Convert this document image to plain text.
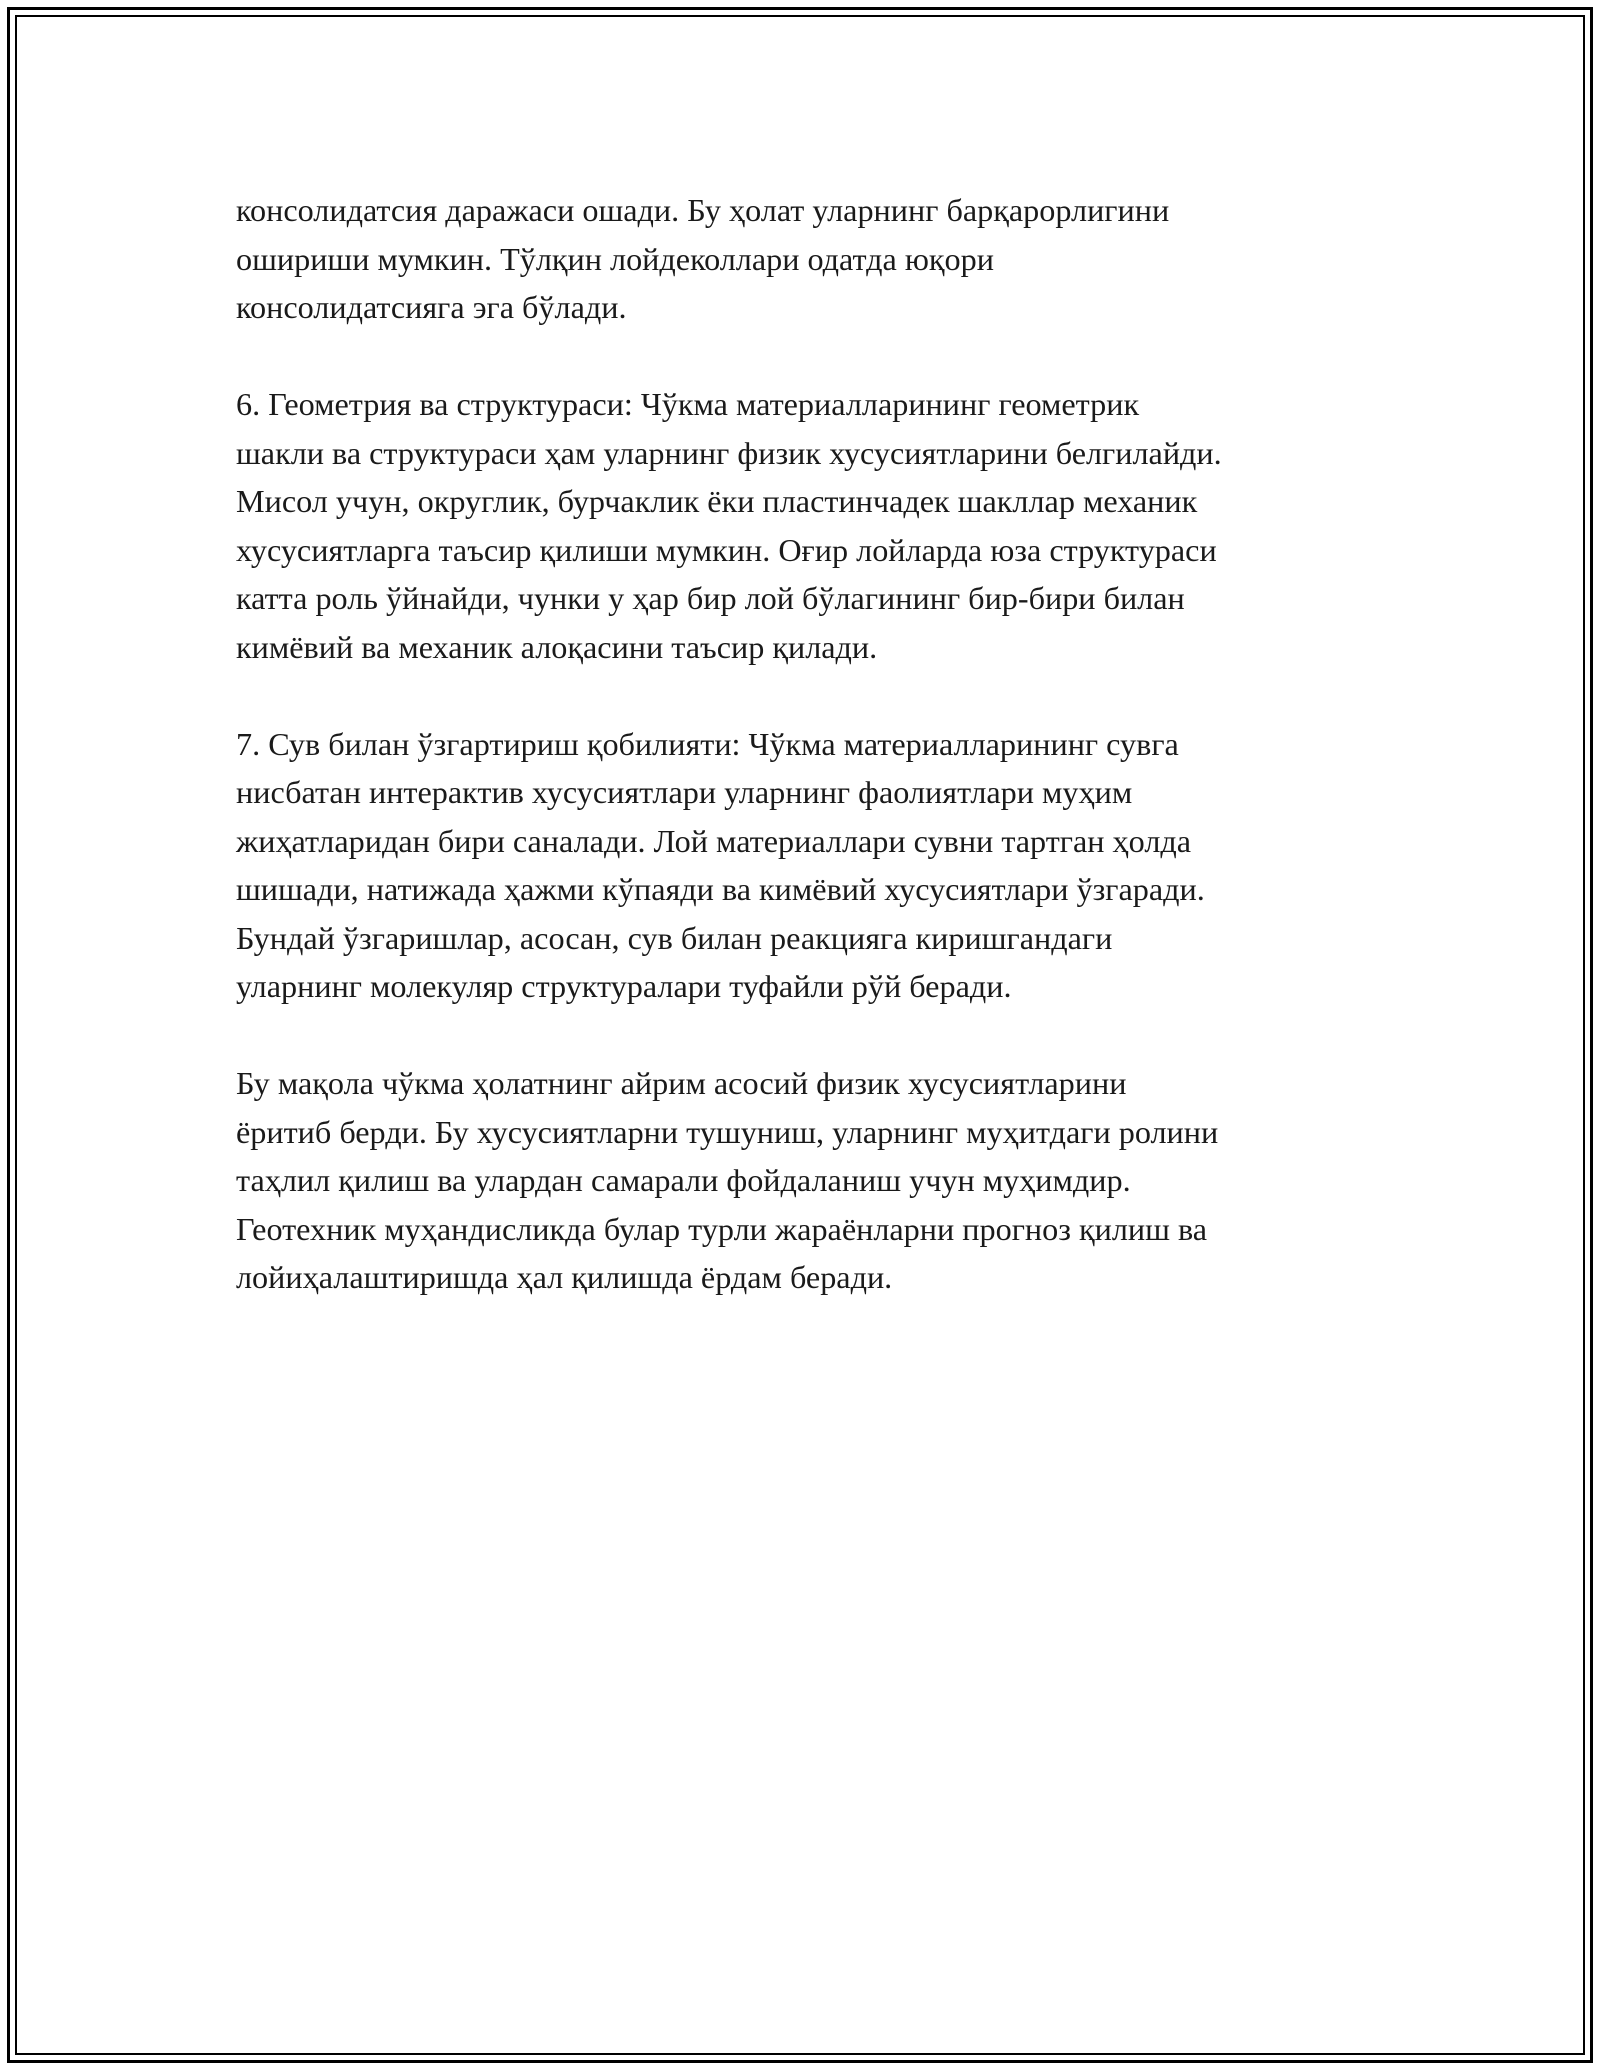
консолидатсия даражаси ошади. Бу ҳолат уларнинг барқарорлигини
ошириши мумкин. Тўлқин лойдеколлари одатда юқори
консолидатсияга эга бўлади.

6. Геометрия ва структураси: Чўкма материалларининг геометрик
шакли ва структураси ҳам уларнинг физик хусусиятларини белгилайди.
Мисол учун, округлик, бурчаклик ёки пластинчадек шакллар механик
хусусиятларга таъсир қилиши мумкин. Оғир лойларда юза структураси
катта роль ўйнайди, чунки у ҳар бир лой бўлагининг бир-бири билан
кимёвий ва механик алоқасини таъсир қилади.

7. Сув билан ўзгартириш қобилияти: Чўкма материалларининг сувга
нисбатан интерактив хусусиятлари уларнинг фаолиятлари муҳим
жиҳатларидан бири саналади. Лой материаллари сувни тартган ҳолда
шишади, натижада ҳажми кўпаяди ва кимёвий хусусиятлари ўзгаради.
Бундай ўзгаришлар, асосан, сув билан реакцияга киришгандаги
уларнинг молекуляр структуралари туфайли рўй беради.

Бу мақола чўкма ҳолатнинг айрим асосий физик хусусиятларини
ёритиб берди. Бу хусусиятларни тушуниш, уларнинг муҳитдаги ролини
таҳлил қилиш ва улардан самарали фойдаланиш учун муҳимдир.
Геотехник муҳандисликда булар турли жараёнларни прогноз қилиш ва
лойиҳалаштиришда ҳал қилишда ёрдам беради.
